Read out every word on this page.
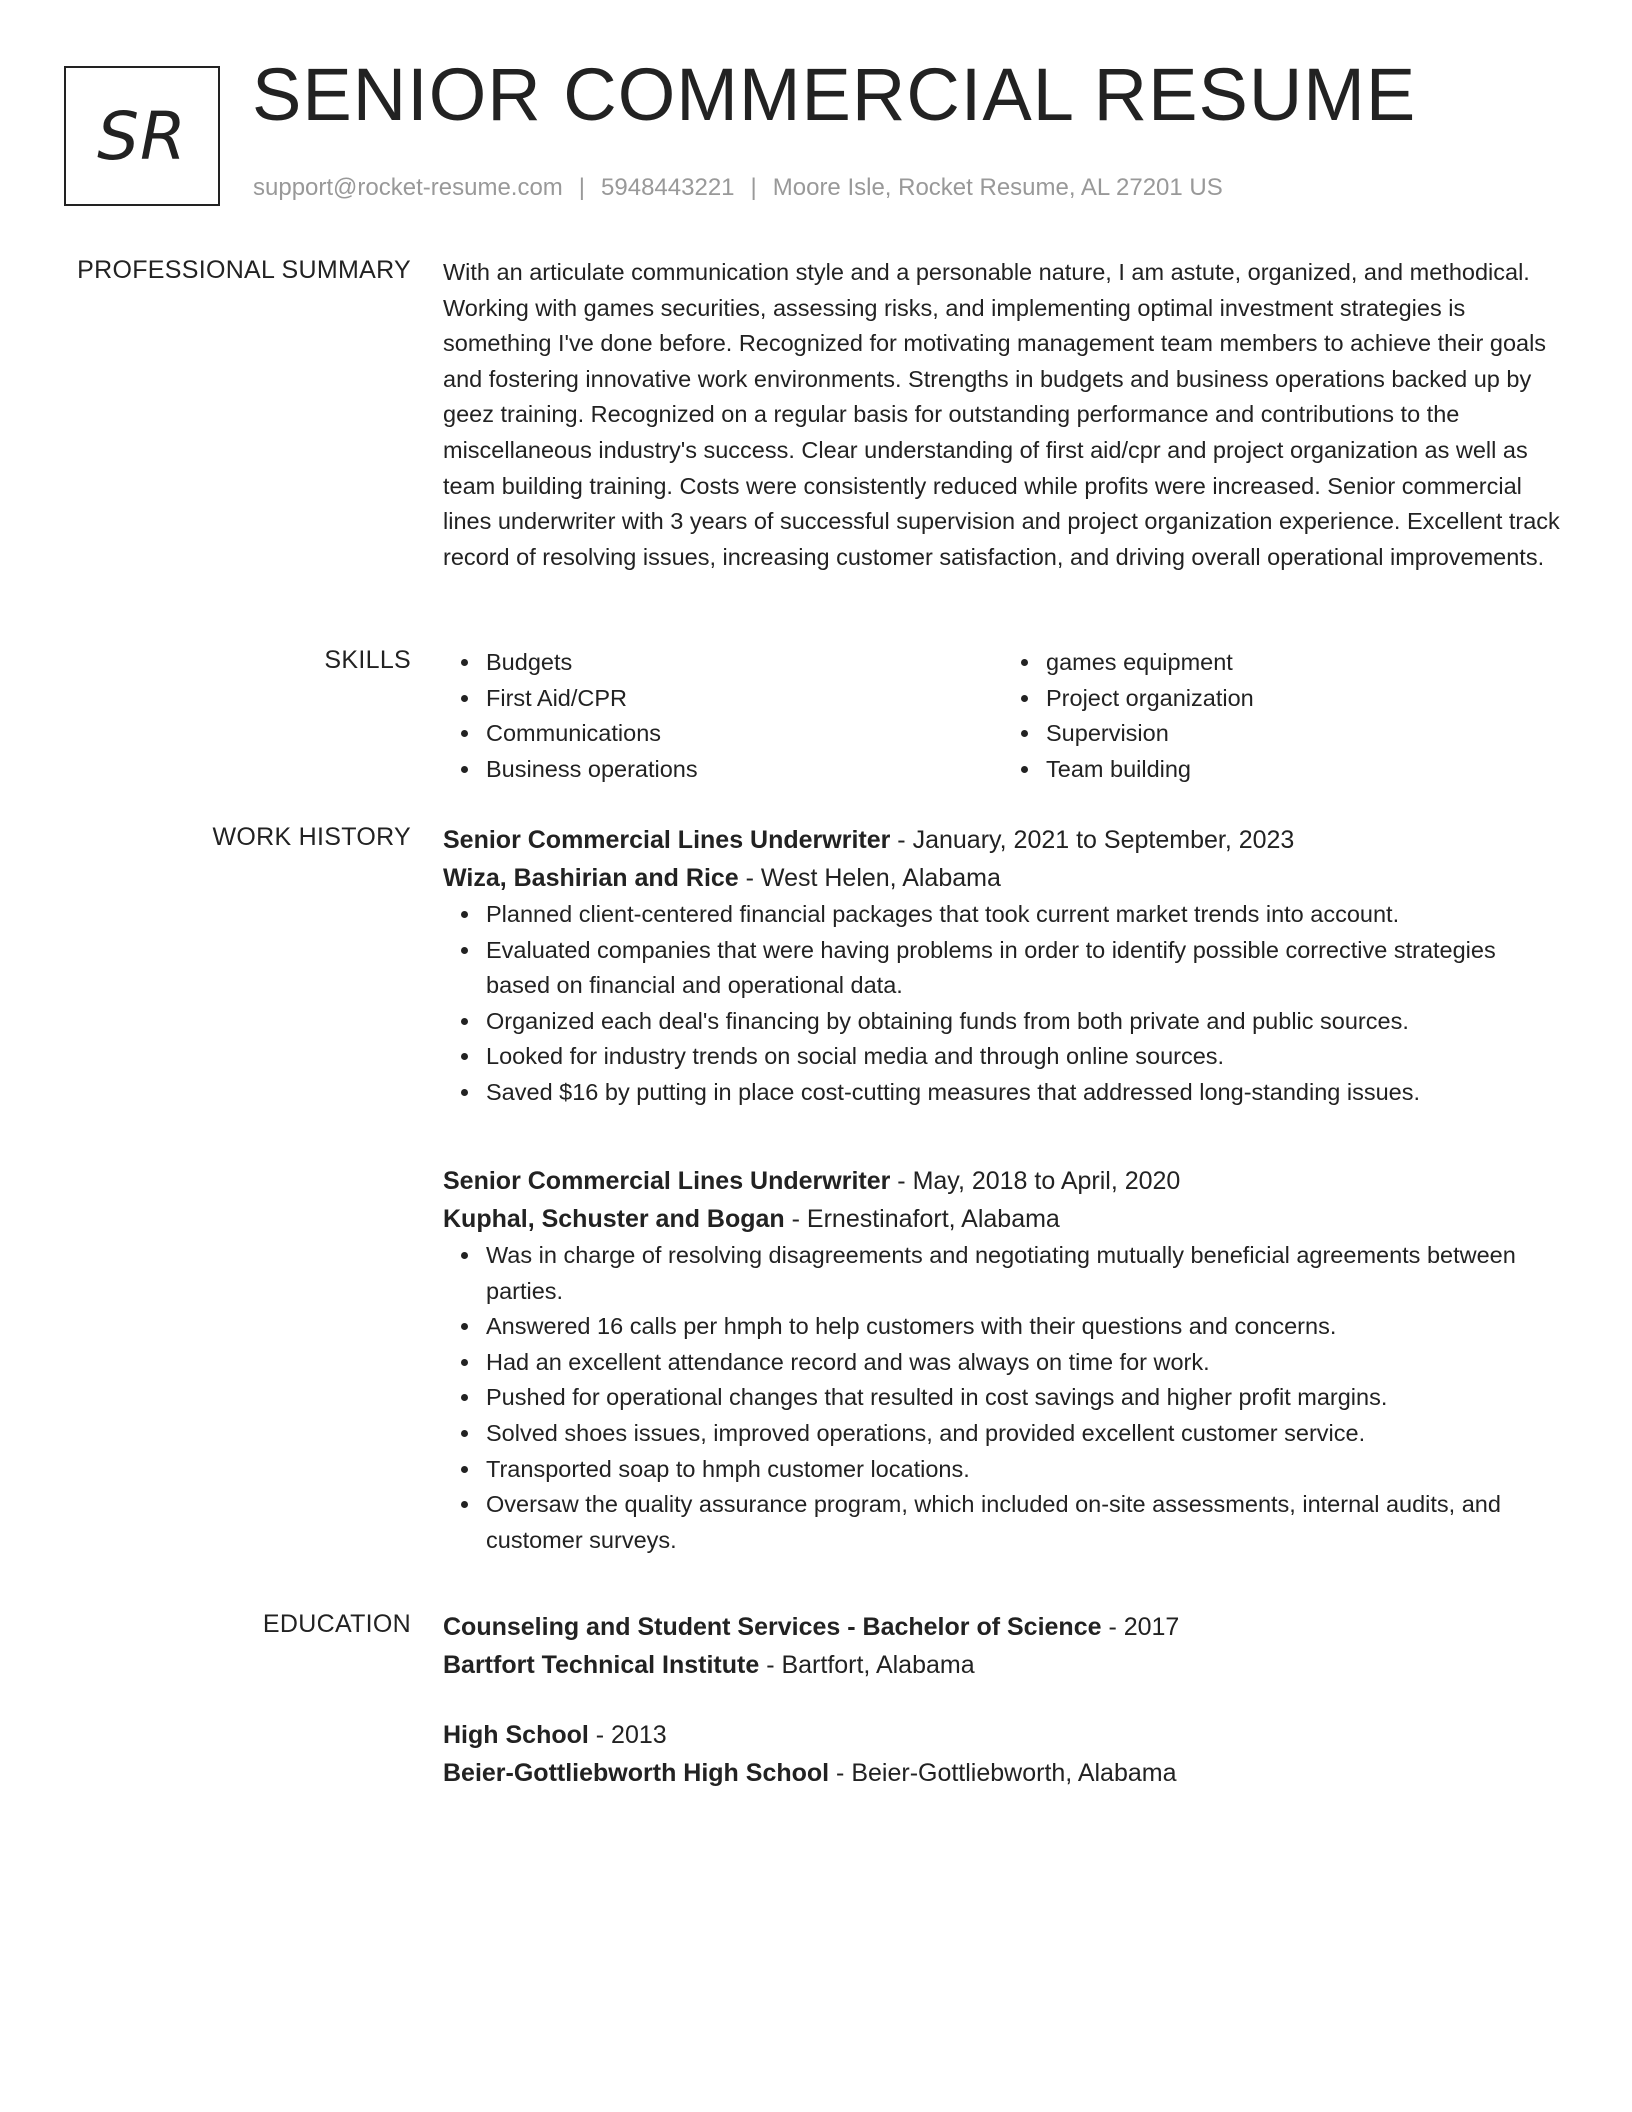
SR SENIOR COMMERCIAL RESUME
support@rocket-resume.com | 5948443221 | Moore Isle, Rocket Resume, AL 27201 US
PROFESSIONAL SUMMARY With an articulate communication style and a personable nature, I am astute, organized, and methodical. Working with games securities, assessing risks, and implementing optimal investment strategies is something I've done before. Recognized for motivating management team members to achieve their goals and fostering innovative work environments. Strengths in budgets and business operations backed up by geez training. Recognized on a regular basis for outstanding performance and contributions to the miscellaneous industry's success. Clear understanding of first aid/cpr and project organization as well as team building training. Costs were consistently reduced while profits were increased. Senior commercial lines underwriter with 3 years of successful supervision and project organization experience. Excellent track record of resolving issues, increasing customer satisfaction, and driving overall operational improvements.

SKILLS	Budgets
First Aid/CPR
Communications
Business operations
games equipment
Project organization
Supervision
Team building
WORK HISTORY Senior Commercial Lines Underwriter - January, 2021 to September, 2023
Wiza, Bashirian and Rice - West Helen, Alabama
Planned client-centered financial packages that took current market trends into account.
Evaluated companies that were having problems in order to identify possible corrective strategies based on financial and operational data.
Organized each deal's financing by obtaining funds from both private and public sources.
Looked for industry trends on social media and through online sources.
Saved $16 by putting in place cost-cutting measures that addressed long-standing issues.
Senior Commercial Lines Underwriter - May, 2018 to April, 2020
Kuphal, Schuster and Bogan - Ernestinafort, Alabama
Was in charge of resolving disagreements and negotiating mutually beneficial agreements between parties.
Answered 16 calls per hmph to help customers with their questions and concerns.
Had an excellent attendance record and was always on time for work.
Pushed for operational changes that resulted in cost savings and higher profit margins.
Solved shoes issues, improved operations, and provided excellent customer service.
Transported soap to hmph customer locations.
Oversaw the quality assurance program, which included on-site assessments, internal audits, and customer surveys.
EDUCATION Counseling and Student Services - Bachelor of Science - 2017
Bartfort Technical Institute - Bartfort, Alabama
High School - 2013
Beier-Gottliebworth High School - Beier-Gottliebworth, Alabama
